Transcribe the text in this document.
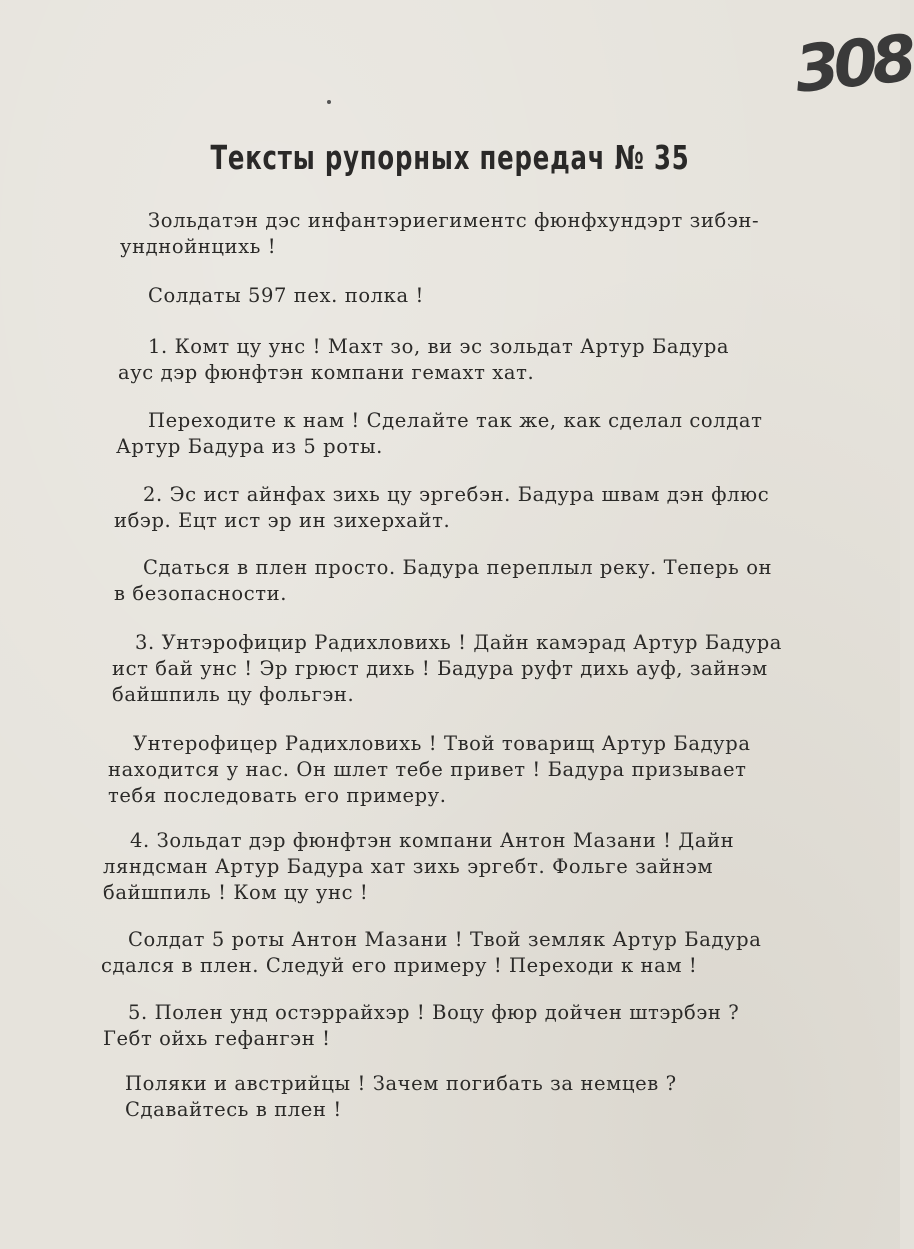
308
Тексты рупорных передач № 35
Зольдатэн дэс инфантэриегиментс фюнфхундэрт зибэн-
унднойнцихь !
Солдаты 597 пех. полка !
1. Комт цу унс ! Махт зо, ви эс зольдат Артур Бадура
аус дэр фюнфтэн компани гемахт хат.
Переходите к нам ! Сделайте так же, как сделал солдат
Артур Бадура из 5 роты.
2. Эс ист айнфах зихь цу эргебэн. Бадура швам дэн флюс
ибэр. Ецт ист эр ин зихерхайт.
Сдаться в плен просто. Бадура переплыл реку. Теперь он
в безопасности.
3. Унтэрофицир Радихловихь ! Дайн камэрад Артур Бадура
ист бай унс ! Эр грюст дихь ! Бадура руфт дихь ауф, зайнэм
байшпиль цу фольгэн.
Унтерофицер Радихловихь ! Твой товарищ Артур Бадура
находится у нас. Он шлет тебе привет ! Бадура призывает
тебя последовать его примеру.
4. Зольдат дэр фюнфтэн компани Антон Мазани ! Дайн
ляндсман Артур Бадура хат зихь эргебт. Фольге зайнэм
байшпиль ! Ком цу унс !
Солдат 5 роты Антон Мазани ! Твой земляк Артур Бадура
сдался в плен. Следуй его примеру ! Переходи к нам !
5. Полен унд остэррайхэр ! Воцу фюр дойчен штэрбэн ?
Гебт ойхь гефангэн !
Поляки и австрийцы ! Зачем погибать за немцев ?
Сдавайтесь в плен !
